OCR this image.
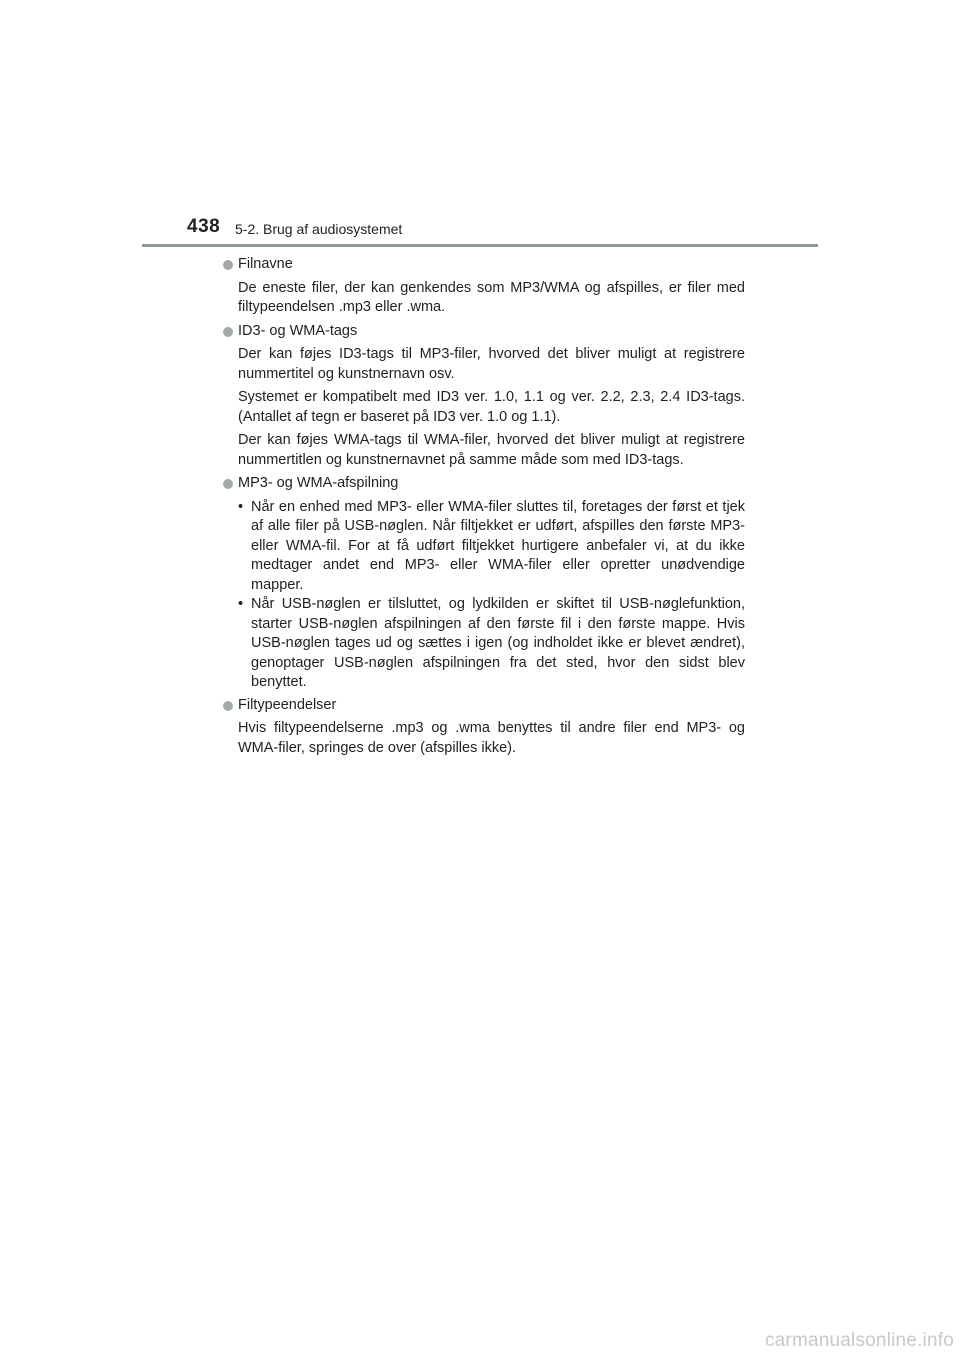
438 5-2. Brug af audiosystemet
Filnavne

De eneste filer, der kan genkendes som MP3/WMA og afspilles, er filer med filtypeendelsen .mp3 eller .wma.

ID3- og WMA-tags

Der kan føjes ID3-tags til MP3-filer, hvorved det bliver muligt at registrere nummertitel og kunstnernavn osv.

Systemet er kompatibelt med ID3 ver. 1.0, 1.1 og ver. 2.2, 2.3, 2.4 ID3-tags. (Antallet af tegn er baseret på ID3 ver. 1.0 og 1.1).

Der kan føjes WMA-tags til WMA-filer, hvorved det bliver muligt at registrere nummertitlen og kunstnernavnet på samme måde som med ID3-tags.

MP3- og WMA-afspilning
• Når en enhed med MP3- eller WMA-filer sluttes til, foretages der først et tjek af alle filer på USB-nøglen. Når filtjekket er udført, afspilles den første MP3- eller WMA-fil. For at få udført filtjekket hurtigere anbefaler vi, at du ikke medtager andet end MP3- eller WMA-filer eller opretter unødvendige mapper.
• Når USB-nøglen er tilsluttet, og lydkilden er skiftet til USB-nøglefunktion, starter USB-nøglen afspilningen af den første fil i den første mappe. Hvis USB-nøglen tages ud og sættes i igen (og indholdet ikke er blevet ændret), genoptager USB-nøglen afspilningen fra det sted, hvor den sidst blev benyttet.
Filtypeendelser

Hvis filtypeendelserne .mp3 og .wma benyttes til andre filer end MP3- og WMA-filer, springes de over (afspilles ikke).

carmanualsonline.info
